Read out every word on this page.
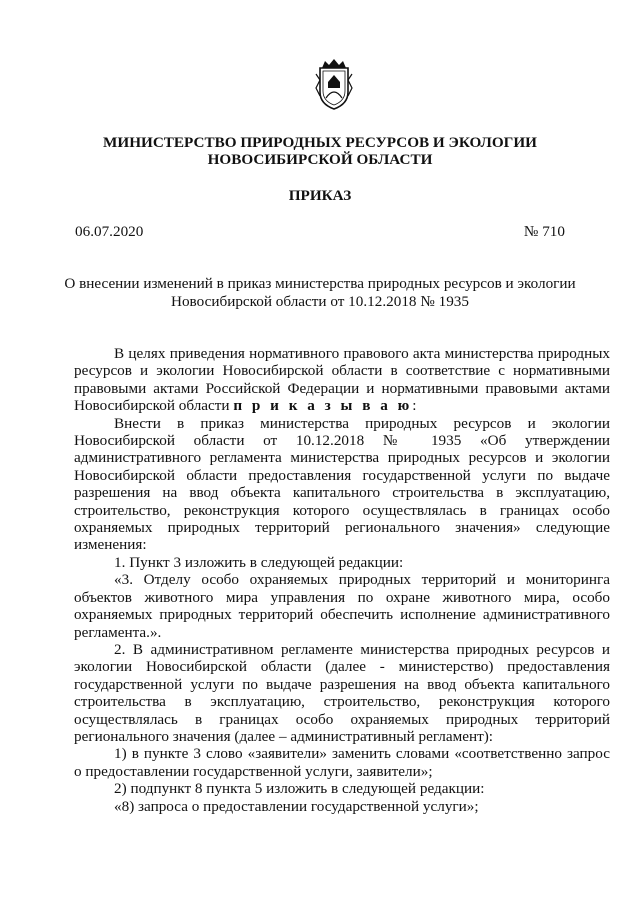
МИНИСТЕРСТВО ПРИРОДНЫХ РЕСУРСОВ И ЭКОЛОГИИ
НОВОСИБИРСКОЙ ОБЛАСТИ
ПРИКАЗ
06.07.2020	№ 710
О внесении изменений в приказ министерства природных ресурсов и экологии
Новосибирской области от 10.12.2018 № 1935

В целях приведения нормативного правового акта министерства природных ресурсов и экологии Новосибирской области в соответствие с нормативными правовыми актами Российской Федерации и нормативными правовыми актами Новосибирской области п р и к а з ы в а ю:

Внести в приказ министерства природных ресурсов и экологии Новосибирской области от 10.12.2018 № 1935 «Об утверждении административного регламента министерства природных ресурсов и экологии Новосибирской области предоставления государственной услуги по выдаче разрешения на ввод объекта капитального строительства в эксплуатацию, строительство, реконструкция которого осуществлялась в границах особо охраняемых природных территорий регионального значения» следующие изменения:

1. Пункт 3 изложить в следующей редакции:

«3. Отделу особо охраняемых природных территорий и мониторинга объектов животного мира управления по охране животного мира, особо охраняемых природных территорий обеспечить исполнение административного регламента.».

2. В административном регламенте министерства природных ресурсов и экологии Новосибирской области (далее - министерство) предоставления государственной услуги по выдаче разрешения на ввод объекта капитального строительства в эксплуатацию, строительство, реконструкция которого осуществлялась в границах особо охраняемых природных территорий регионального значения (далее – административный регламент):

1) в пункте 3 слово «заявители» заменить словами «соответственно запрос о предоставлении государственной услуги, заявители»;

2) подпункт 8 пункта 5 изложить в следующей редакции:

«8) запроса о предоставлении государственной услуги»;
